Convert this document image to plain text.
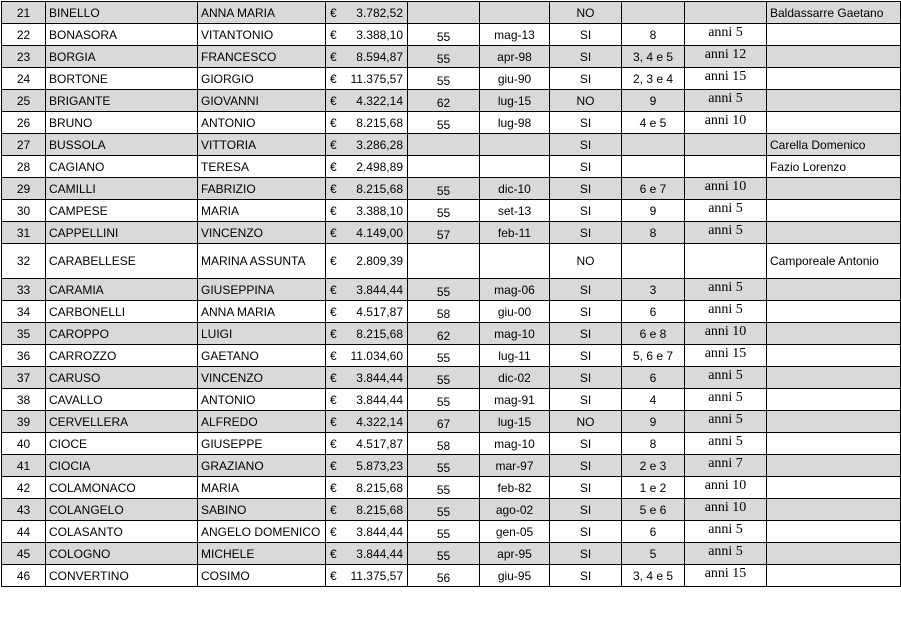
21	BINELLO	ANNA MARIA	€ 3.782,52			NO			Baldassarre Gaetano
22	BONASORA	VITANTONIO	€ 3.388,10	55	mag-13	SI	8	anni 5	
23	BORGIA	FRANCESCO	€ 8.594,87	55	apr-98	SI	3, 4 e 5	anni 12	
24	BORTONE	GIORGIO	€ 11.375,57	55	giu-90	SI	2, 3 e 4	anni 15	
25	BRIGANTE	GIOVANNI	€ 4.322,14	62	lug-15	NO	9	anni 5	
26	BRUNO	ANTONIO	€ 8.215,68	55	lug-98	SI	4 e 5	anni 10	
27	BUSSOLA	VITTORIA	€ 3.286,28			SI			Carella Domenico
28	CAGIANO	TERESA	€ 2.498,89			SI			Fazio Lorenzo
29	CAMILLI	FABRIZIO	€ 8.215,68	55	dic-10	SI	6 e 7	anni 10	
30	CAMPESE	MARIA	€ 3.388,10	55	set-13	SI	9	anni 5	
31	CAPPELLINI	VINCENZO	€ 4.149,00	57	feb-11	SI	8	anni 5	
32	CARABELLESE	MARINA ASSUNTA	€ 2.809,39			NO			Camporeale Antonio
33	CARAMIA	GIUSEPPINA	€ 3.844,44	55	mag-06	SI	3	anni 5	
34	CARBONELLI	ANNA MARIA	€ 4.517,87	58	giu-00	SI	6	anni 5	
35	CAROPPO	LUIGI	€ 8.215,68	62	mag-10	SI	6 e 8	anni 10	
36	CARROZZO	GAETANO	€ 11.034,60	55	lug-11	SI	5, 6 e 7	anni 15	
37	CARUSO	VINCENZO	€ 3.844,44	55	dic-02	SI	6	anni 5	
38	CAVALLO	ANTONIO	€ 3.844,44	55	mag-91	SI	4	anni 5	
39	CERVELLERA	ALFREDO	€ 4.322,14	67	lug-15	NO	9	anni 5	
40	CIOCE	GIUSEPPE	€ 4.517,87	58	mag-10	SI	8	anni 5	
41	CIOCIA	GRAZIANO	€ 5.873,23	55	mar-97	SI	2 e 3	anni 7	
42	COLAMONACO	MARIA	€ 8.215,68	55	feb-82	SI	1 e 2	anni 10	
43	COLANGELO	SABINO	€ 8.215,68	55	ago-02	SI	5 e 6	anni 10	
44	COLASANTO	ANGELO DOMENICO	€ 3.844,44	55	gen-05	SI	6	anni 5	
45	COLOGNO	MICHELE	€ 3.844,44	55	apr-95	SI	5	anni 5	
46	CONVERTINO	COSIMO	€ 11.375,57	56	giu-95	SI	3, 4 e 5	anni 15	
